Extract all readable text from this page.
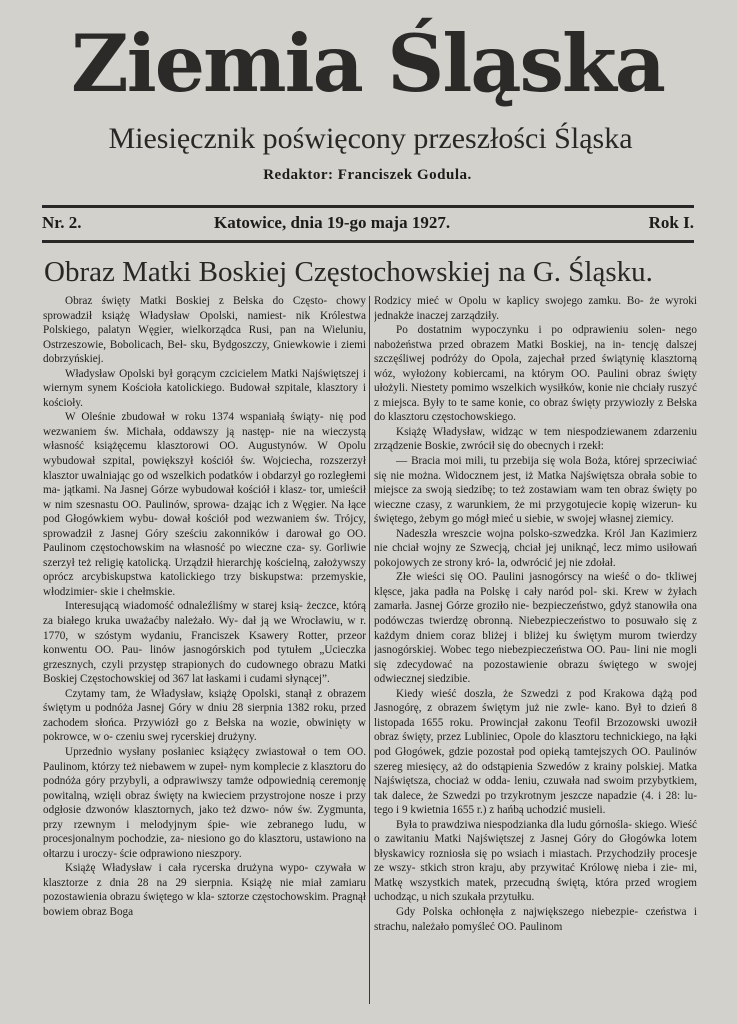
Ziemia Śląska
Miesięcznik poświęcony przeszłości Śląska
Redaktor: Franciszek Godula.
Nr. 2.	Katowice, dnia 19-go maja 1927.	Rok I.
Obraz Matki Boskiej Częstochowskiej na G. Śląsku.

Obraz święty Matki Boskiej z Bełska do Często- chowy sprowadził książę Władysław Opolski, namiest- nik Królestwa Polskiego, palatyn Węgier, wielkorządca Rusi, pan na Wieluniu, Ostrzeszowie, Bobolicach, Beł- sku, Bydgoszczy, Gniewkowie i ziemi dobrzyńskiej.

Władysław Opolski był gorącym czcicielem Matki Najświętszej i wiernym synem Kościoła katolickiego. Budował szpitale, klasztory i kościoły.

W Oleśnie zbudował w roku 1374 wspaniałą świąty- nię pod wezwaniem św. Michała, oddawszy ją następ- nie na wieczystą własność książęcemu klasztorowi OO. Augustynów. W Opolu wybudował szpital, powiększył kościół św. Wojciecha, rozszerzył klasztor uwalniając go od wszelkich podatków i obdarzył go rozległemi ma- jątkami. Na Jasnej Górze wybudował kościół i klasz- tor, umieścił w nim szesnastu OO. Paulinów, sprowa- dzając ich z Węgier. Na łące pod Głogówkiem wybu- dował kościół pod wezwaniem św. Trójcy, sprowadził z Jasnej Góry sześciu zakonników i darował go OO. Paulinom częstochowskim na własność po wieczne cza- sy. Gorliwie szerzył też religię katolicką. Urządził hierarchję kościelną, założywszy oprócz arcybiskupstwa katolickiego trzy biskupstwa: przemyskie, włodzimier- skie i chełmskie.

Interesującą wiadomość odnaleźliśmy w starej ksią- żeczce, którą za białego kruka uważaćby należało. Wy- dał ją we Wrocławiu, w r. 1770, w szóstym wydaniu, Franciszek Ksawery Rotter, przeor konwentu OO. Pau- linów jasnogórskich pod tytułem „Ucieczka grzesznych, czyli przystęp strapionych do cudownego obrazu Matki Boskiej Częstochowskiej od 367 lat łaskami i cudami słynącej”.

Czytamy tam, że Władysław, książę Opolski, stanął z obrazem świętym u podnóża Jasnej Góry w dniu 28 sierpnia 1382 roku, przed zachodem słońca. Przywiózł go z Bełska na wozie, obwinięty w pokrowce, w o- czeniu swej rycerskiej drużyny.

Uprzednio wysłany posłaniec książęcy zwiastował o tem OO. Paulinom, którzy też niebawem w zupeł- nym komplecie z klasztoru do podnóża góry przybyli, a odprawiwszy tamże odpowiednią ceremonję powitalną, wzięli obraz święty na kwieciem przystrojone nosze i przy odgłosie dzwonów klasztornych, jako też dzwo- nów św. Zygmunta, przy rzewnym i melodyjnym śpie- wie zebranego ludu, w procesjonalnym pochodzie, za- niesiono go do klasztoru, ustawiono na ołtarzu i uroczy- ście odprawiono nieszpory.

Książę Władysław i cała rycerska drużyna wypo- czywała w klasztorze z dnia 28 na 29 sierpnia. Książę nie miał zamiaru pozostawienia obrazu świętego w kla- sztorze częstochowskim. Pragnął bowiem obraz Boga

Rodzicy mieć w Opolu w kaplicy swojego zamku. Bo- że wyroki jednakże inaczej zarządziły.

Po dostatnim wypoczynku i po odprawieniu solen- nego nabożeństwa przed obrazem Matki Boskiej, na in- tencję dalszej szczęśliwej podróży do Opola, zajechał przed świątynię klasztorną wóz, wyłożony kobiercami, na którym OO. Paulini obraz święty ułożyli. Niestety pomimo wszelkich wysiłków, konie nie chciały ruszyć z miejsca. Były to te same konie, co obraz święty przywiozły z Bełska do klasztoru częstochowskiego.

Książę Władysław, widząc w tem niespodziewanem zdarzeniu zrządzenie Boskie, zwrócił się do obecnych i rzekł:

— Bracia moi mili, tu przebija się wola Boża, której sprzeciwiać się nie można. Widocznem jest, iż Matka Najświętsza obrała sobie to miejsce za swoją siedzibę; to też zostawiam wam ten obraz święty po wieczne czasy, z warunkiem, że mi przygotujecie kopię wizerun- ku świętego, żebym go mógł mieć u siebie, w swojej własnej ziemicy.

Nadeszła wreszcie wojna polsko-szwedzka. Król Jan Kazimierz nie chciał wojny ze Szwecją, chciał jej uniknąć, lecz mimo usiłowań pokojowych ze strony kró- la, odwrócić jej nie zdołał.

Złe wieści się OO. Paulini jasnogórscy na wieść o do- tkliwej klęsce, jaka padła na Polskę i cały naród pol- ski. Krew w żyłach zamarła. Jasnej Górze groziło nie- bezpieczeństwo, gdyż stanowiła ona podówczas twierdzę obronną. Niebezpieczeństwo to posuwało się z każdym dniem coraz bliżej i bliżej ku świętym murom twierdzy jasnogórskiej. Wobec tego niebezpieczeństwa OO. Pau- lini nie mogli się zdecydować na pozostawienie obrazu świętego w swojej odwiecznej siedzibie.

Kiedy wieść doszła, że Szwedzi z pod Krakowa dążą pod Jasnogórę, z obrazem świętym już nie zwle- kano. Był to dzień 8 listopada 1655 roku. Prowincjał zakonu Teofil Brzozowski uwoził obraz święty, przez Lubliniec, Opole do klasztoru technickiego, na łąki pod Głogówek, gdzie pozostał pod opieką tamtejszych OO. Paulinów szereg miesięcy, aż do odstąpienia Szwedów z krainy polskiej. Matka Najświętsza, chociaż w odda- leniu, czuwała nad swoim przybytkiem, tak dalece, że Szwedzi po trzykrotnym jeszcze napadzie (4. i 28: lu- tego i 9 kwietnia 1655 r.) z hańbą uchodzić musieli.

Była to prawdziwa niespodzianka dla ludu górnośla- skiego. Wieść o zawitaniu Matki Najświętszej z Jasnej Góry do Głogówka lotem błyskawicy rozniosła się po wsiach i miastach. Przychodziły procesje ze wszy- stkich stron kraju, aby przywitać Królowę nieba i zie- mi, Matkę wszystkich matek, przecudną świętą, która przed wrogiem uchodząc, u nich szukała przytułku.

Gdy Polska ochłonęła z największego niebezpie- czeństwa i strachu, należało pomyśleć OO. Paulinom
